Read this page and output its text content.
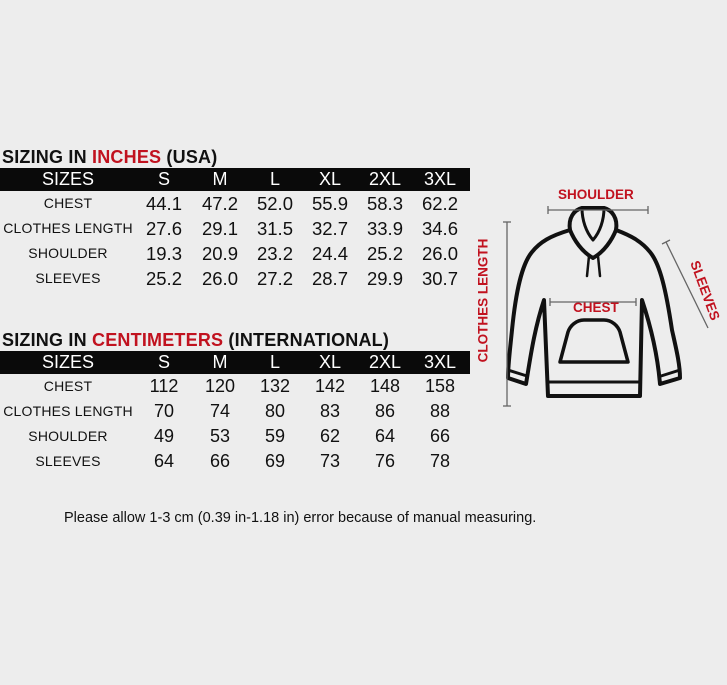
SIZING IN INCHES (USA)
SIZES	S	M	L	XL	2XL	3XL
CHEST	44.1	47.2	52.0	55.9	58.3	62.2
CLOTHES LENGTH 27.6	29.1	31.5	32.7	33.9	34.6
SHOULDER	19.3	20.9	23.2	24.4	25.2	26.0
SLEEVES	25.2	26.0	27.2	28.7	29.9	30.7
SIZING IN CENTIMETERS (INTERNATIONAL)
SIZES	S	M	L	XL	2XL	3XL
CHEST	112	120	132	142	148	158
CLOTHES LENGTH	70	74	80	83	86	88
SHOULDER	49	53	59	62	64	66
SLEEVES	64	66	69	73	76	78
SHOULDER
CHEST
CLOTHES LENGTH	SLEEVES
Please allow 1-3 cm (0.39 in-1.18 in) error because of manual measuring.
